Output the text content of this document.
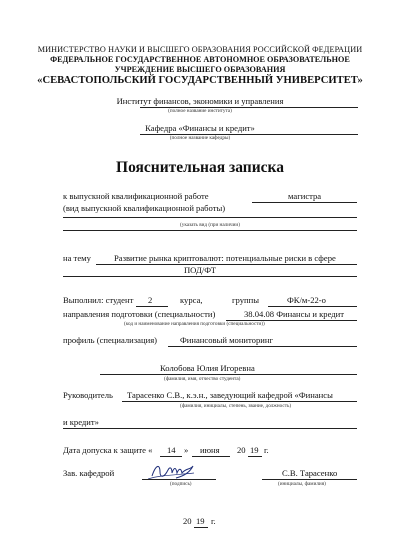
МИНИСТЕРСТВО НАУКИ И ВЫСШЕГО ОБРАЗОВАНИЯ РОССИЙСКОЙ ФЕДЕРАЦИИ
ФЕДЕРАЛЬНОЕ ГОСУДАРСТВЕННОЕ АВТОНОМНОЕ ОБРАЗОВАТЕЛЬНОЕ
УЧРЕЖДЕНИЕ ВЫСШЕГО ОБРАЗОВАНИЯ
«СЕВАСТОПОЛЬСКИЙ ГОСУДАРСТВЕННЫЙ УНИВЕРСИТЕТ»
Институт финансов, экономики и управления
(полное название института)
Кафедра «Финансы и кредит»
(полное название кафедры)
Пояснительная записка
к выпускной квалификационной работе	магистра
(вид выпускной квалификационной работы)
(указать вид (при наличии)
на тему	Развитие рынка криптовалют: потенциальные риски в сфере
ПОД/ФТ
Выполнил: студент 2	курса,	группы	ФК/м-22-о
направления подготовки (специальности)	38.04.08 Финансы и кредит
(код и наименование направления подготовки (специальности))
профиль (специализация)	Финансовый мониторинг
Колобова Юлия Игоревна
(фамилия, имя, отчество студента)
Руководитель Тарасенко С.В., к.э.н., заведующий кафедрой «Финансы
(фамилия, инициалы, степень, звание, должность)
и кредит»
Дата допуска к защите « 14 » июня 20 19 г.
Зав. кафедрой
(подпись)
С.В. Тарасенко
(инициалы, фамилия)
20 19 г.
